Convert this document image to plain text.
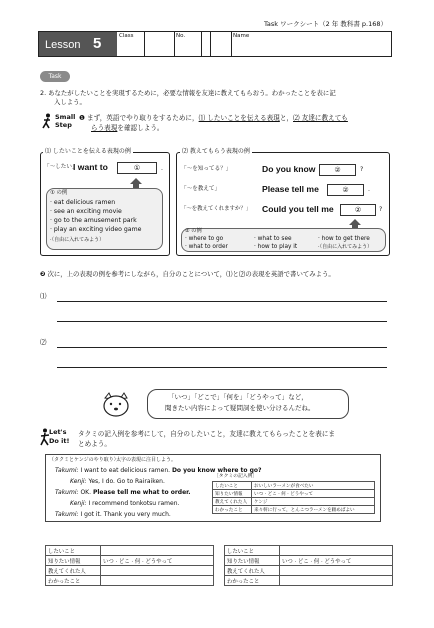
Task ワークシート（2 年 教科書 p.168）
Lesson 5	Class	No.	Name
Task
2. あなたがしたいことを実現するために，必要な情報を友達に教えてもらおう。わかったことを表に記
入しよう。
Small
Step
❶ まず，英語でやり取りをするために，⑴ したいことを伝える表現と，⑵ 友達に教えても
らう表現を確認しよう。
⑴ したいことを伝える表現の例
「〜したい」
I want to	①	.
① の例
· eat delicious ramen
· see an exciting movie
· go to the amusement park
· play an exciting video game
·（自由に入れてみよう）
⑵ 教えてもらう表現の例
「〜を知ってる？」	Do you know	②	?
「〜を教えて」	Please tell me	②	.
「〜を教えてくれますか？」 Could you tell me	②	?
② の例
· where to go	· what to see	· how to get there
· what to order	· how to play it	·（自由に入れてみよう）
❷ 次に，上の表現の例を参考にしながら，自分のことについて，⑴と⑵の表現を英語で書いてみよう。
⑴
⑵
「いつ」「どこで」「何を」「どうやって」など，
聞きたい内容によって疑問詞を使い分けるんだね。
Let's
Do it!
タクミの記入例を参考にして，自分のしたいこと，友達に教えてもらったことを表にま
とめよう。
（タクミとケンジのやり取り）
太字の表現に注目しよう。
Takumi: I want to eat delicious ramen. Do you know where to go?
Kenji: Yes, I do. Go to Rairaiken.
Takumi: OK. Please tell me what to order.
Kenji: I recommend tonkotsu ramen.
Takumi: I got it. Thank you very much.
［タクミの記入例］
したいこと	おいしいラーメンが食べたい
知りたい情報	いつ · どこ · 何 · どうやって
教えてくれた人	ケンジ
わかったこと	来々軒に行って，とんこつラーメンを頼めばよい
したいこと	
知りたい情報	いつ · どこ · 何 · どうやって
教えてくれた人	
わかったこと	
したいこと	
知りたい情報	いつ · どこ · 何 · どうやって
教えてくれた人	
わかったこと	
